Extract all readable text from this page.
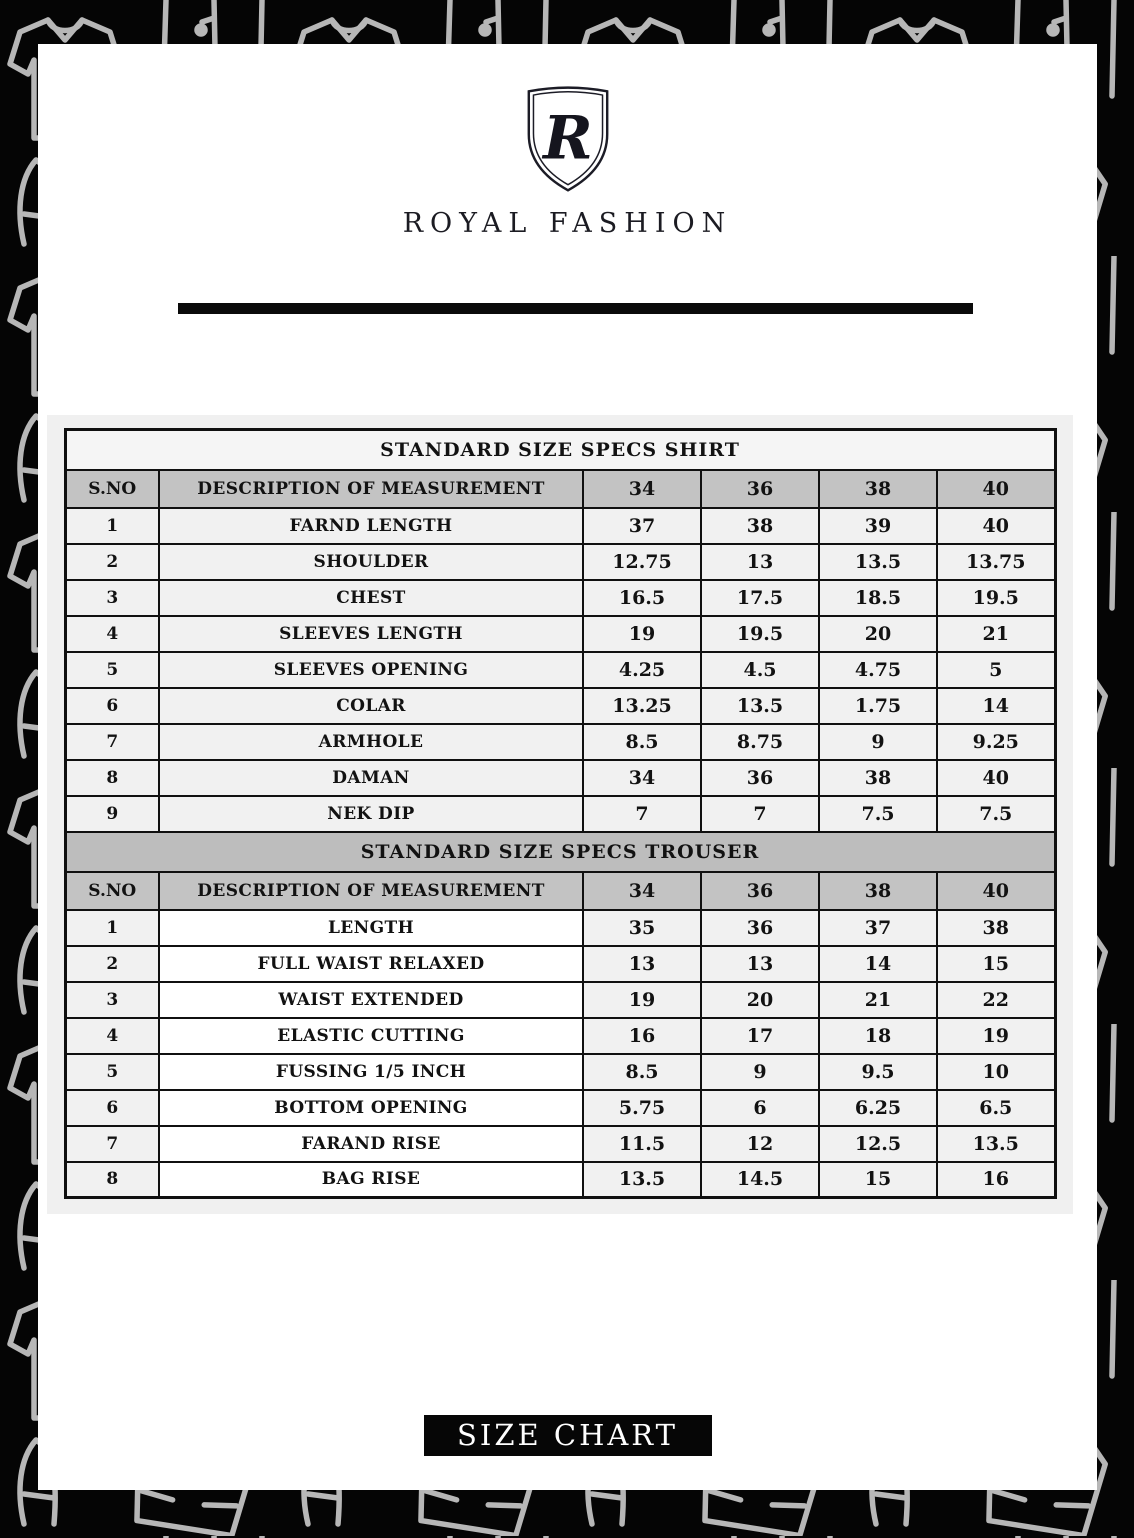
R
ROYAL FASHION
STANDARD SIZE SPECS SHIRT					
S.NO	DESCRIPTION OF MEASUREMENT	34	36	38	40
1	FARND LENGTH	37	38	39	40
2	SHOULDER	12.75	13	13.5	13.75
3	CHEST	16.5	17.5	18.5	19.5
4	SLEEVES LENGTH	19	19.5	20	21
5	SLEEVES OPENING	4.25	4.5	4.75	5
6	COLAR	13.25	13.5	1.75	14
7	ARMHOLE	8.5	8.75	9	9.25
8	DAMAN	34	36	38	40
9	NEK DIP	7	7	7.5	7.5
STANDARD SIZE SPECS TROUSER					
S.NO	DESCRIPTION OF MEASUREMENT	34	36	38	40
1	LENGTH	35	36	37	38
2	FULL WAIST RELAXED	13	13	14	15
3	WAIST EXTENDED	19	20	21	22
4	ELASTIC CUTTING	16	17	18	19
5	FUSSING 1/5 INCH	8.5	9	9.5	10
6	BOTTOM OPENING	5.75	6	6.25	6.5
7	FARAND RISE	11.5	12	12.5	13.5
8	BAG RISE	13.5	14.5	15	16
SIZE CHART
